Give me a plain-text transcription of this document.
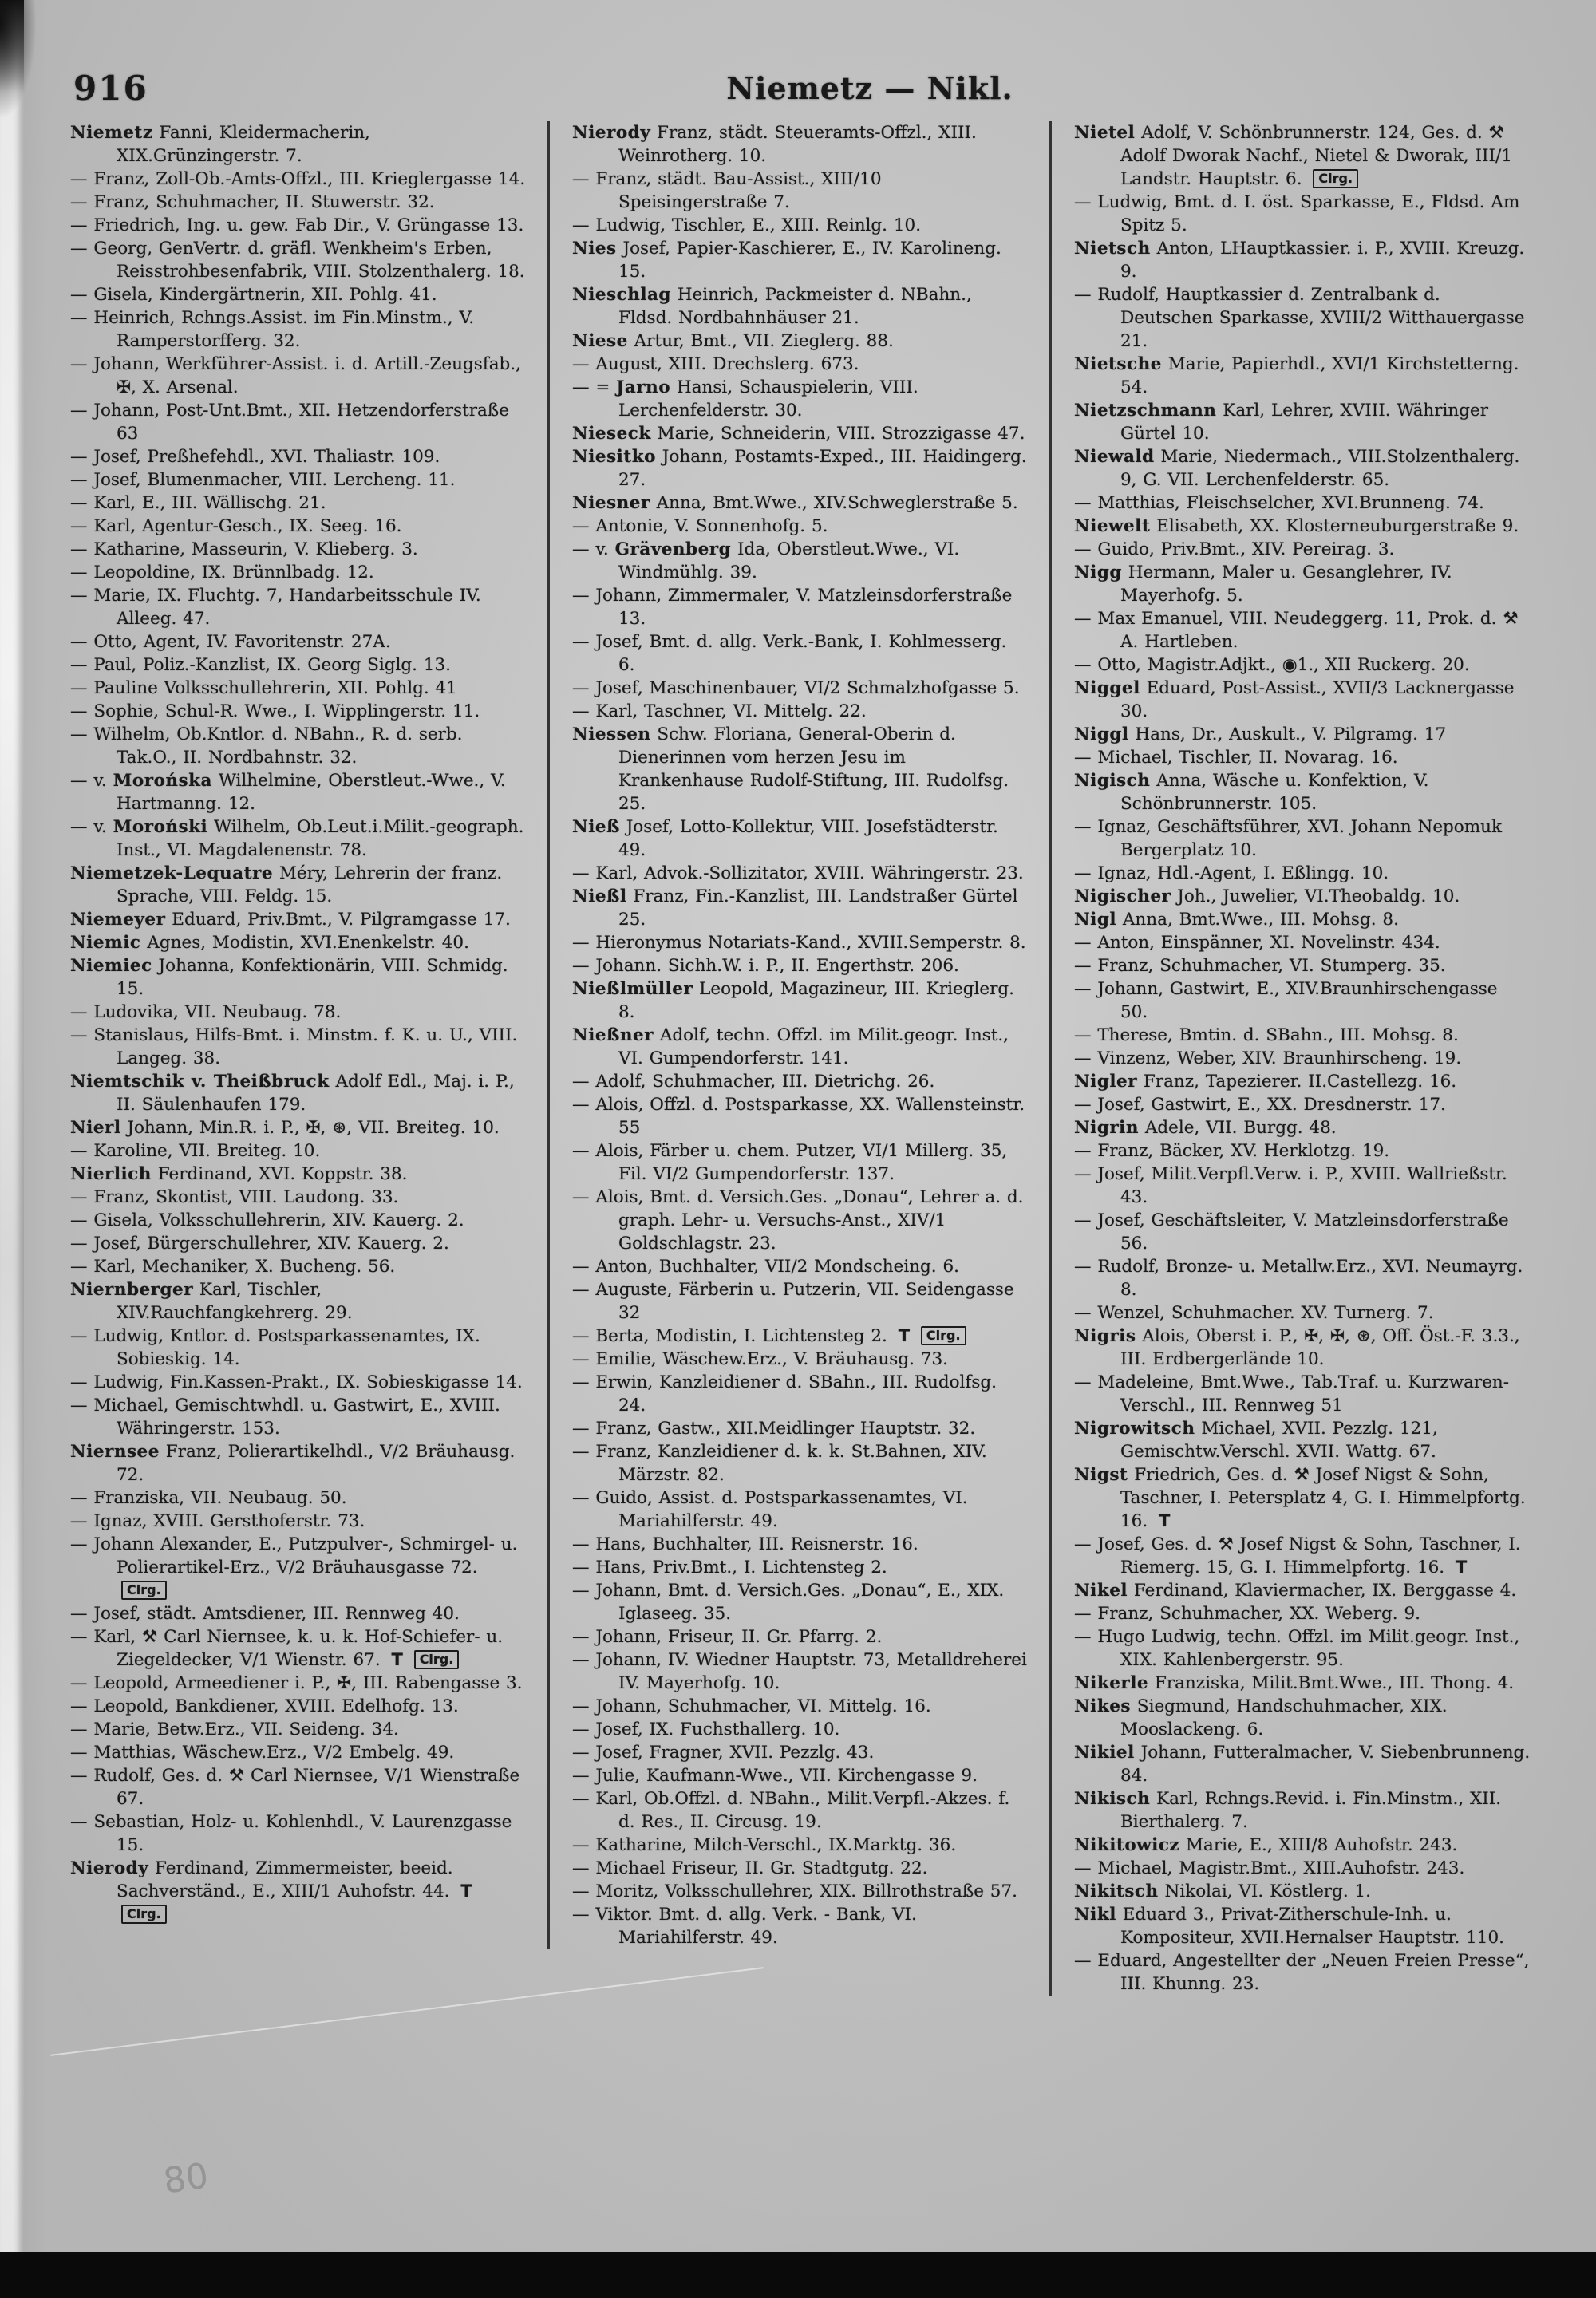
916	Niemetz — Nikl.

Niemetz Fanni, Kleidermacherin, XIX.Grünzingerstr. 7.

— Franz, Zoll-Ob.-Amts-Offzl., III. Krieglergasse 14.

— Franz, Schuhmacher, II. Stuwerstr. 32.

— Friedrich, Ing. u. gew. Fab Dir., V. Grüngasse 13.

— Georg, GenVertr. d. gräfl. Wenkheim's Erben, Reisstrohbesenfabrik, VIII. Stolzenthalerg. 18.

— Gisela, Kindergärtnerin, XII. Pohlg. 41.

— Heinrich, Rchngs.Assist. im Fin.Minstm., V. Ramperstorfferg. 32.

— Johann, Werkführer-Assist. i. d. Artill.-Zeugsfab., ✠, X. Arsenal.

— Johann, Post-Unt.Bmt., XII. Hetzendorferstraße 63

— Josef, Preßhefehdl., XVI. Thaliastr. 109.

— Josef, Blumenmacher, VIII. Lercheng. 11.

— Karl, E., III. Wällischg. 21.

— Karl, Agentur-Gesch., IX. Seeg. 16.

— Katharine, Masseurin, V. Klieberg. 3.

— Leopoldine, IX. Brünnlbadg. 12.

— Marie, IX. Fluchtg. 7, Handarbeitsschule IV. Alleeg. 47.

— Otto, Agent, IV. Favoritenstr. 27A.

— Paul, Poliz.-Kanzlist, IX. Georg Siglg. 13.

— Pauline Volksschullehrerin, XII. Pohlg. 41

— Sophie, Schul-R. Wwe., I. Wipplingerstr. 11.

— Wilhelm, Ob.Kntlor. d. NBahn., R. d. serb. Tak.O., II. Nordbahnstr. 32.

— v. Morońska Wilhelmine, Oberstleut.-Wwe., V. Hartmanng. 12.

— v. Moroński Wilhelm, Ob.Leut.i.Milit.-geograph. Inst., VI. Magdalenenstr. 78.

Niemetzek-Lequatre Méry, Lehrerin der franz. Sprache, VIII. Feldg. 15.

Niemeyer Eduard, Priv.Bmt., V. Pilgramgasse 17.

Niemic Agnes, Modistin, XVI.Enenkelstr. 40.

Niemiec Johanna, Konfektionärin, VIII. Schmidg. 15.

— Ludovika, VII. Neubaug. 78.

— Stanislaus, Hilfs-Bmt. i. Minstm. f. K. u. U., VIII. Langeg. 38.

Niemtschik v. Theißbruck Adolf Edl., Maj. i. P., II. Säulenhaufen 179.

Nierl Johann, Min.R. i. P., ✠, ⊛, VII. Breiteg. 10.

— Karoline, VII. Breiteg. 10.

Nierlich Ferdinand, XVI. Koppstr. 38.

— Franz, Skontist, VIII. Laudong. 33.

— Gisela, Volksschullehrerin, XIV. Kauerg. 2.

— Josef, Bürgerschullehrer, XIV. Kauerg. 2.

— Karl, Mechaniker, X. Bucheng. 56.

Niernberger Karl, Tischler, XIV.Rauchfangkehrerg. 29.

— Ludwig, Kntlor. d. Postsparkassenamtes, IX. Sobieskig. 14.

— Ludwig, Fin.Kassen-Prakt., IX. Sobieskigasse 14.

— Michael, Gemischtwhdl. u. Gastwirt, E., XVIII. Währingerstr. 153.

Niernsee Franz, Polierartikelhdl., V/2 Bräuhausg. 72.

— Franziska, VII. Neubaug. 50.

— Ignaz, XVIII. Gersthoferstr. 73.

— Johann Alexander, E., Putzpulver-, Schmirgel- u. Polierartikel-Erz., V/2 Bräuhausgasse 72. Clrg.

— Josef, städt. Amtsdiener, III. Rennweg 40.

— Karl, ⚒ Carl Niernsee, k. u. k. Hof-Schiefer- u. Ziegeldecker, V/1 Wienstr. 67. T Clrg.

— Leopold, Armeediener i. P., ✠, III. Rabengasse 3.

— Leopold, Bankdiener, XVIII. Edelhofg. 13.

— Marie, Betw.Erz., VII. Seideng. 34.

— Matthias, Wäschew.Erz., V/2 Embelg. 49.

— Rudolf, Ges. d. ⚒ Carl Niernsee, V/1 Wienstraße 67.

— Sebastian, Holz- u. Kohlenhdl., V. Laurenzgasse 15.

Nierody Ferdinand, Zimmermeister, beeid. Sachverständ., E., XIII/1 Auhofstr. 44. T Clrg.

Nierody Franz, städt. Steueramts-Offzl., XIII. Weinrotherg. 10.

— Franz, städt. Bau-Assist., XIII/10 Speisingerstraße 7.

— Ludwig, Tischler, E., XIII. Reinlg. 10.

Nies Josef, Papier-Kaschierer, E., IV. Karolineng. 15.

Nieschlag Heinrich, Packmeister d. NBahn., Fldsd. Nordbahnhäuser 21.

Niese Artur, Bmt., VII. Zieglerg. 88.

— August, XIII. Drechslerg. 673.

— = Jarno Hansi, Schauspielerin, VIII. Lerchenfelderstr. 30.

Nieseck Marie, Schneiderin, VIII. Strozzigasse 47.

Niesitko Johann, Postamts-Exped., III. Haidingerg. 27.

Niesner Anna, Bmt.Wwe., XIV.Schweglerstraße 5.

— Antonie, V. Sonnenhofg. 5.

— v. Grävenberg Ida, Oberstleut.Wwe., VI. Windmühlg. 39.

— Johann, Zimmermaler, V. Matzleinsdorferstraße 13.

— Josef, Bmt. d. allg. Verk.-Bank, I. Kohlmesserg. 6.

— Josef, Maschinenbauer, VI/2 Schmalzhofgasse 5.

— Karl, Taschner, VI. Mittelg. 22.

Niessen Schw. Floriana, General-Oberin d. Dienerinnen vom herzen Jesu im Krankenhause Rudolf-Stiftung, III. Rudolfsg. 25.

Nieß Josef, Lotto-Kollektur, VIII. Josefstädterstr. 49.

— Karl, Advok.-Sollizitator, XVIII. Währingerstr. 23.

Nießl Franz, Fin.-Kanzlist, III. Landstraßer Gürtel 25.

— Hieronymus Notariats-Kand., XVIII.Semperstr. 8.

— Johann. Sichh.W. i. P., II. Engerthstr. 206.

Nießlmüller Leopold, Magazineur, III. Krieglerg. 8.

Nießner Adolf, techn. Offzl. im Milit.geogr. Inst., VI. Gumpendorferstr. 141.

— Adolf, Schuhmacher, III. Dietrichg. 26.

— Alois, Offzl. d. Postsparkasse, XX. Wallensteinstr. 55

— Alois, Färber u. chem. Putzer, VI/1 Millerg. 35, Fil. VI/2 Gumpendorferstr. 137.

— Alois, Bmt. d. Versich.Ges. „Donau“, Lehrer a. d. graph. Lehr- u. Versuchs-Anst., XIV/1 Goldschlagstr. 23.

— Anton, Buchhalter, VII/2 Mondscheing. 6.

— Auguste, Färberin u. Putzerin, VII. Seidengasse 32

— Berta, Modistin, I. Lichtensteg 2. T Clrg.

— Emilie, Wäschew.Erz., V. Bräuhausg. 73.

— Erwin, Kanzleidiener d. SBahn., III. Rudolfsg. 24.

— Franz, Gastw., XII.Meidlinger Hauptstr. 32.

— Franz, Kanzleidiener d. k. k. St.Bahnen, XIV. Märzstr. 82.

— Guido, Assist. d. Postsparkassenamtes, VI. Mariahilferstr. 49.

— Hans, Buchhalter, III. Reisnerstr. 16.

— Hans, Priv.Bmt., I. Lichtensteg 2.

— Johann, Bmt. d. Versich.Ges. „Donau“, E., XIX. Iglaseeg. 35.

— Johann, Friseur, II. Gr. Pfarrg. 2.

— Johann, IV. Wiedner Hauptstr. 73, Metalldreherei IV. Mayerhofg. 10.

— Johann, Schuhmacher, VI. Mittelg. 16.

— Josef, IX. Fuchsthallerg. 10.

— Josef, Fragner, XVII. Pezzlg. 43.

— Julie, Kaufmann-Wwe., VII. Kirchengasse 9.

— Karl, Ob.Offzl. d. NBahn., Milit.Verpfl.-Akzes. f. d. Res., II. Circusg. 19.

— Katharine, Milch-Verschl., IX.Marktg. 36.

— Michael Friseur, II. Gr. Stadtgutg. 22.

— Moritz, Volksschullehrer, XIX. Billrothstraße 57.

— Viktor. Bmt. d. allg. Verk. - Bank, VI. Mariahilferstr. 49.

Nietel Adolf, V. Schönbrunnerstr. 124, Ges. d. ⚒ Adolf Dworak Nachf., Nietel & Dworak, III/1 Landstr. Hauptstr. 6. Clrg.

— Ludwig, Bmt. d. I. öst. Sparkasse, E., Fldsd. Am Spitz 5.

Nietsch Anton, LHauptkassier. i. P., XVIII. Kreuzg. 9.

— Rudolf, Hauptkassier d. Zentralbank d. Deutschen Sparkasse, XVIII/2 Witthauergasse 21.

Nietsche Marie, Papierhdl., XVI/1 Kirchstetterng. 54.

Nietzschmann Karl, Lehrer, XVIII. Währinger Gürtel 10.

Niewald Marie, Niedermach., VIII.Stolzenthalerg. 9, G. VII. Lerchenfelderstr. 65.

— Matthias, Fleischselcher, XVI.Brunneng. 74.

Niewelt Elisabeth, XX. Klosterneuburgerstraße 9.

— Guido, Priv.Bmt., XIV. Pereirag. 3.

Nigg Hermann, Maler u. Gesanglehrer, IV. Mayerhofg. 5.

— Max Emanuel, VIII. Neudeggerg. 11, Prok. d. ⚒ A. Hartleben.

— Otto, Magistr.Adjkt., ◉1., XII Ruckerg. 20.

Niggel Eduard, Post-Assist., XVII/3 Lacknergasse 30.

Niggl Hans, Dr., Auskult., V. Pilgramg. 17

— Michael, Tischler, II. Novarag. 16.

Nigisch Anna, Wäsche u. Konfektion, V. Schönbrunnerstr. 105.

— Ignaz, Geschäftsführer, XVI. Johann Nepomuk Bergerplatz 10.

— Ignaz, Hdl.-Agent, I. Eßlingg. 10.

Nigischer Joh., Juwelier, VI.Theobaldg. 10.

Nigl Anna, Bmt.Wwe., III. Mohsg. 8.

— Anton, Einspänner, XI. Novelinstr. 434.

— Franz, Schuhmacher, VI. Stumperg. 35.

— Johann, Gastwirt, E., XIV.Braunhirschengasse 50.

— Therese, Bmtin. d. SBahn., III. Mohsg. 8.

— Vinzenz, Weber, XIV. Braunhirscheng. 19.

Nigler Franz, Tapezierer. II.Castellezg. 16.

— Josef, Gastwirt, E., XX. Dresdnerstr. 17.

Nigrin Adele, VII. Burgg. 48.

— Franz, Bäcker, XV. Herklotzg. 19.

— Josef, Milit.Verpfl.Verw. i. P., XVIII. Wallrießstr. 43.

— Josef, Geschäftsleiter, V. Matzleinsdorferstraße 56.

— Rudolf, Bronze- u. Metallw.Erz., XVI. Neumayrg. 8.

— Wenzel, Schuhmacher. XV. Turnerg. 7.

Nigris Alois, Oberst i. P., ✠, ✠, ⊛, Off. Öst.-F. 3.3., III. Erdbergerlände 10.

— Madeleine, Bmt.Wwe., Tab.Traf. u. Kurzwaren-Verschl., III. Rennweg 51

Nigrowitsch Michael, XVII. Pezzlg. 121, Gemischtw.Verschl. XVII. Wattg. 67.

Nigst Friedrich, Ges. d. ⚒ Josef Nigst & Sohn, Taschner, I. Petersplatz 4, G. I. Himmelpfortg. 16. T

— Josef, Ges. d. ⚒ Josef Nigst & Sohn, Taschner, I. Riemerg. 15, G. I. Himmelpfortg. 16. T

Nikel Ferdinand, Klaviermacher, IX. Berggasse 4.

— Franz, Schuhmacher, XX. Weberg. 9.

— Hugo Ludwig, techn. Offzl. im Milit.geogr. Inst., XIX. Kahlenbergerstr. 95.

Nikerle Franziska, Milit.Bmt.Wwe., III. Thong. 4.

Nikes Siegmund, Handschuhmacher, XIX. Mooslackeng. 6.

Nikiel Johann, Futteralmacher, V. Siebenbrunneng. 84.

Nikisch Karl, Rchngs.Revid. i. Fin.Minstm., XII. Bierthalerg. 7.

Nikitowicz Marie, E., XIII/8 Auhofstr. 243.

— Michael, Magistr.Bmt., XIII.Auhofstr. 243.

Nikitsch Nikolai, VI. Köstlerg. 1.

Nikl Eduard 3., Privat-Zitherschule-Inh. u. Kompositeur, XVII.Hernalser Hauptstr. 110.

— Eduard, Angestellter der „Neuen Freien Presse“, III. Khunng. 23.

80
